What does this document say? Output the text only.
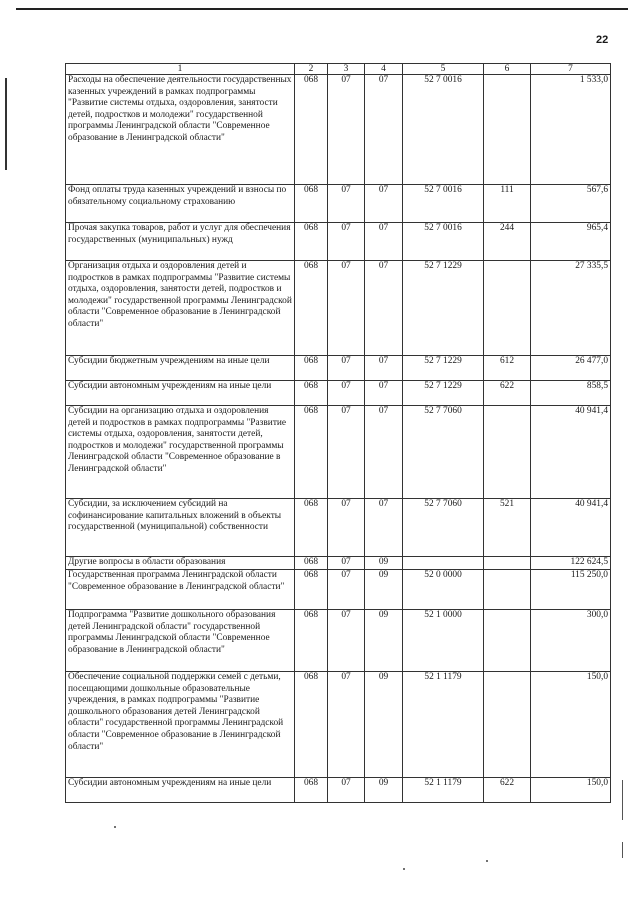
22
1	2	3	4	5	6	7
Расходы на обеспечение деятельности государственных казенных учреждений в рамках подпрограммы "Развитие системы отдыха, оздоровления, занятости детей, подростков и молодежи" государственной программы Ленинградской области "Современное образование в Ленинградской области"	068	07	07	52 7 0016		1 533,0
Фонд оплаты труда казенных учреждений и взносы по обязательному социальному страхованию	068	07	07	52 7 0016	111	567,6
Прочая закупка товаров, работ и услуг для обеспечения государственных (муниципальных) нужд	068	07	07	52 7 0016	244	965,4
Организация отдыха и оздоровления детей и подростков в рамках подпрограммы "Развитие системы отдыха, оздоровления, занятости детей, подростков и молодежи" государственной программы Ленинградской области "Современное образование в Ленинградской области"	068	07	07	52 7 1229		27 335,5
Субсидии бюджетным учреждениям на иные цели	068	07	07	52 7 1229	612	26 477,0
Субсидии автономным учреждениям на иные цели	068	07	07	52 7 1229	622	858,5
Субсидии на организацию отдыха и оздоровления детей и подростков в рамках подпрограммы "Развитие системы отдыха, оздоровления, занятости детей, подростков и молодежи" государственной программы Ленинградской области "Современное образование в Ленинградской области"	068	07	07	52 7 7060		40 941,4
Субсидии, за исключением субсидий на софинансирование капитальных вложений в объекты государственной (муниципальной) собственности	068	07	07	52 7 7060	521	40 941,4
Другие вопросы в области образования	068	07	09			122 624,5
Государственная программа Ленинградской области "Современное образование в Ленинградской области"	068	07	09	52 0 0000		115 250,0
Подпрограмма "Развитие дошкольного образования детей Ленинградской области" государственной программы Ленинградской области "Современное образование в Ленинградской области"	068	07	09	52 1 0000		300,0
Обеспечение социальной поддержки семей с детьми, посещающими дошкольные образовательные учреждения, в рамках подпрограммы "Развитие дошкольного образования детей Ленинградской области" государственной программы Ленинградской области "Современное образование в Ленинградской области"	068	07	09	52 1 1179		150,0
Субсидии автономным учреждениям на иные цели	068	07	09	52 1 1179	622	150,0
